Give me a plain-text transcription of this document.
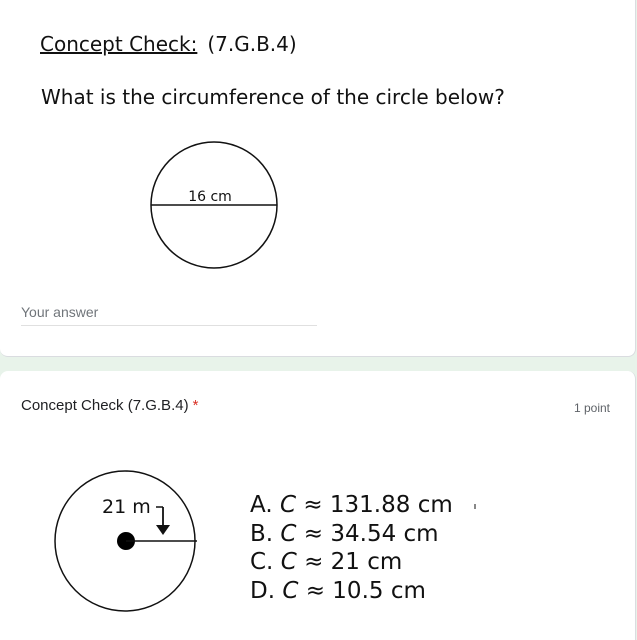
Concept Check: (7.G.B.4)
What is the circumference of the circle below?
16 cm
Your answer
Concept Check (7.G.B.4) *	1 point
21 m	A. C ≈ 131.88 cm
B. C ≈ 34.54 cm
C. C ≈ 21 cm
D. C ≈ 10.5 cm
